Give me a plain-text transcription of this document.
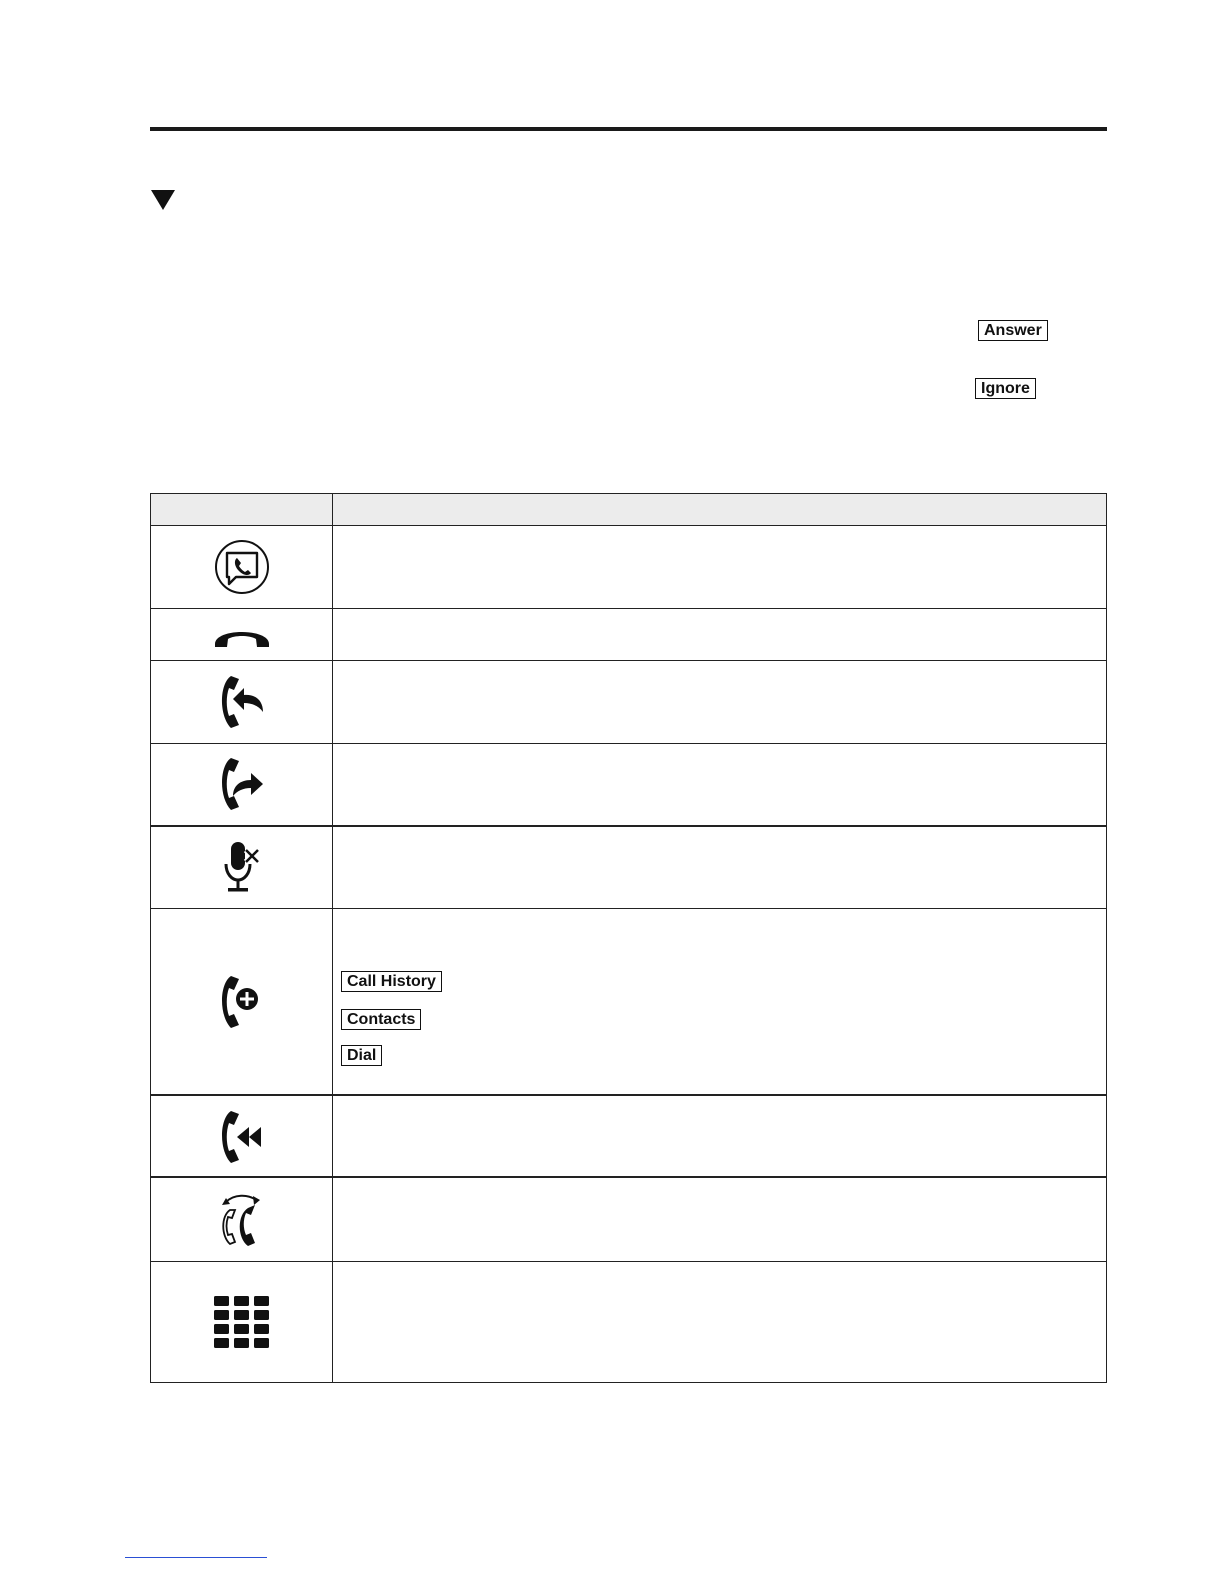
Answer
Ignore

Call History
Contacts
Dial
